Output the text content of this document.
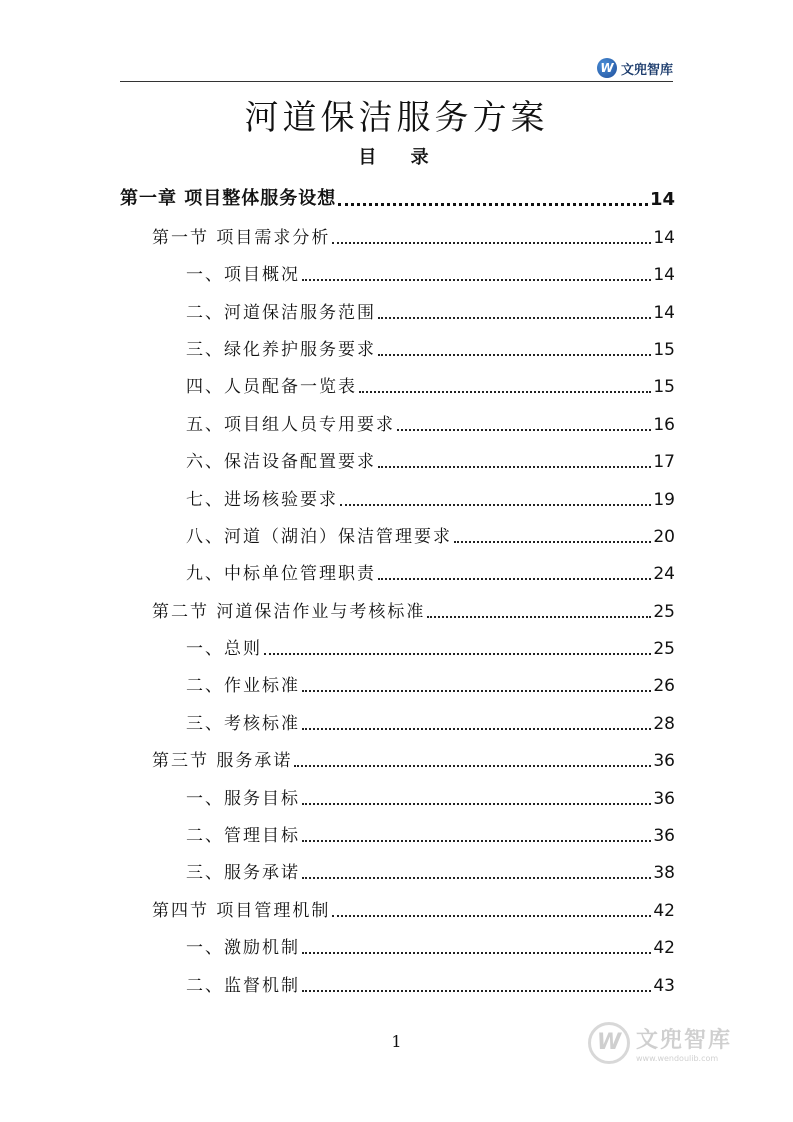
W 文兜智库
河道保洁服务方案
目 录
第一章 项目整体服务设想	14
第一节 项目需求分析	14
一、项目概况	14
二、河道保洁服务范围	14
三、绿化养护服务要求	15
四、人员配备一览表	15
五、项目组人员专用要求	16
六、保洁设备配置要求	17
七、进场核验要求	19
八、河道（湖泊）保洁管理要求	20
九、中标单位管理职责	24
第二节 河道保洁作业与考核标准	25
一、总则	25
二、作业标准	26
三、考核标准	28
第三节 服务承诺	36
一、服务目标	36
二、管理目标	36
三、服务承诺	38
第四节 项目管理机制	42
一、激励机制	42
二、监督机制	43
1	W 文兜智库
www.wendoulib.com
